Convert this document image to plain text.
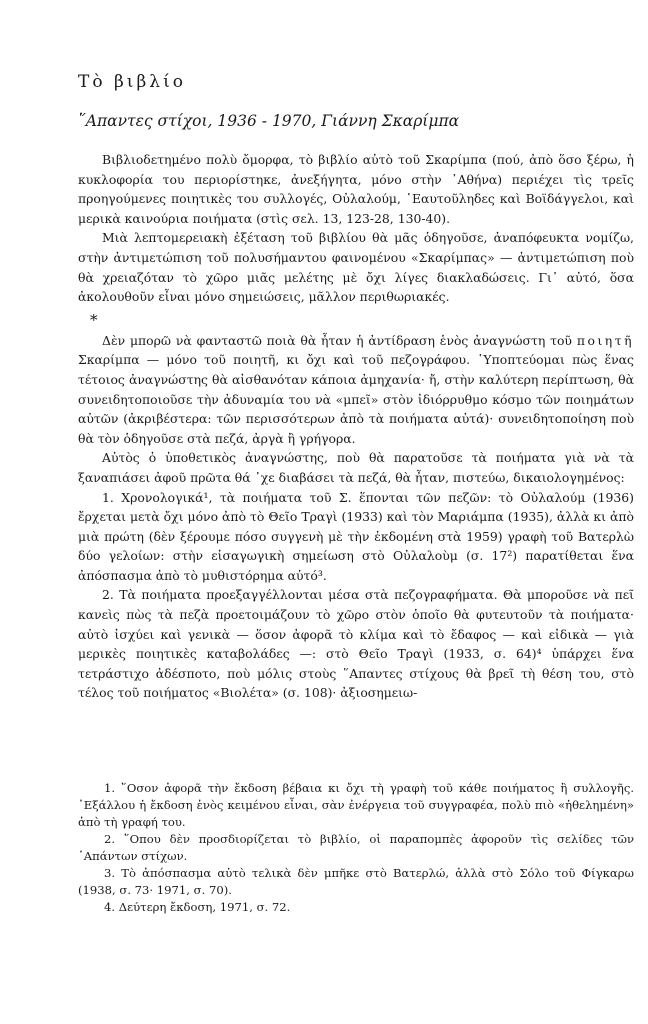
Τὸ βιβλίο
῞Απαντες στίχοι, 1936 - 1970, Γιάννη Σκαρίμπα

Βιβλιοδετημένο πολὺ ὄμορφα, τὸ βιβλίο αὐτὸ τοῦ Σκαρίμπα (πού, ἀπὸ ὅσο ξέρω, ἡ κυκλοφορία του περιορίστηκε, ἀνεξήγητα, μόνο στὴν ᾿Αθήνα) περιέχει τὶς τρεῖς προηγούμενες ποιητικὲς του συλλογές, Οὐλαλούμ, ῾Εαυτοῦληδες καὶ Βοϊδάγγελοι, καὶ μερικὰ καινούρια ποιήματα (στὶς σελ. 13, 123-28, 130-40).

Μιὰ λεπτομερειακὴ ἐξέταση τοῦ βιβλίου θὰ μᾶς ὁδηγοῦσε, ἀναπόφευκτα νομίζω, στὴν ἀντιμετώπιση τοῦ πολυσήμαντου φαινομένου «Σκαρίμπας» — ἀντιμετώπιση ποὺ θὰ χρειαζόταν τὸ χῶρο μιᾶς μελέτης μὲ ὄχι λίγες διακλαδώσεις. Γι᾿ αὐτό, ὅσα ἀκολουθοῦν εἶναι μόνο σημειώσεις, μᾶλλον περιθωριακές.

*

Δὲν μπορῶ νὰ φανταστῶ ποιὰ θὰ ἦταν ἡ ἀντίδραση ἑνὸς ἀναγνώστη τοῦ ποιητῆ Σκαρίμπα — μόνο τοῦ ποιητῆ, κι ὄχι καὶ τοῦ πεζογράφου. ῾Υποπτεύομαι πὼς ἕνας τέτοιος ἀναγνώστης θὰ αἰσθανόταν κάποια ἀμηχανία· ἤ, στὴν καλύτερη περίπτωση, θὰ συνειδητοποιοῦσε τὴν ἀδυναμία του νὰ «μπεῖ» στὸν ἰδιόρρυθμο κόσμο τῶν ποιημάτων αὐτῶν (ἀκριβέστερα: τῶν περισσότερων ἀπὸ τὰ ποιήματα αὐτά)· συνειδητοποίηση ποὺ θὰ τὸν ὁδηγοῦσε στὰ πεζά, ἀργὰ ἢ γρήγορα.

Αὐτὸς ὁ ὑποθετικὸς ἀναγνώστης, ποὺ θὰ παρατοῦσε τὰ ποιήματα γιὰ νὰ τὰ ξαναπιάσει ἀφοῦ πρῶτα θά ᾿χε διαβάσει τὰ πεζά, θὰ ἦταν, πιστεύω, δικαιολογημένος:

1. Χρονολογικά¹, τὰ ποιήματα τοῦ Σ. ἕπονται τῶν πεζῶν: τὸ Οὐλαλούμ (1936) ἔρχεται μετὰ ὄχι μόνο ἀπὸ τὸ Θεῖο Τραγὶ (1933) καὶ τὸν Μαριάμπα (1935), ἀλλὰ κι ἀπὸ μιὰ πρώτη (δὲν ξέρουμε πόσο συγγενὴ μὲ τὴν ἐκδομένη στὰ 1959) γραφὴ τοῦ Βατερλὼ δύο γελοίων: στὴν εἰσαγωγικὴ σημείωση στὸ Οὐλαλοὺμ (σ. 17²) παρατίθεται ἕνα ἀπόσπασμα ἀπὸ τὸ μυθιστόρημα αὐτό³.

2. Τὰ ποιήματα προεξαγγέλλονται μέσα στὰ πεζογραφήματα. Θὰ μποροῦσε νὰ πεῖ κανεὶς πὼς τὰ πεζὰ προετοιμάζουν τὸ χῶρο στὸν ὁποῖο θὰ φυτευτοῦν τὰ ποιήματα· αὐτὸ ἰσχύει καὶ γενικὰ — ὅσον ἀφορᾶ τὸ κλίμα καὶ τὸ ἔδαφος — καὶ εἰδικὰ — γιὰ μερικὲς ποιητικὲς καταβολάδες —: στὸ Θεῖο Τραγὶ (1933, σ. 64)⁴ ὑπάρχει ἕνα τετράστιχο ἀδέσποτο, ποὺ μόλις στοὺς ῞Απαντες στίχους θὰ βρεῖ τὴ θέση του, στὸ τέλος τοῦ ποιήματος «Βιολέτα» (σ. 108)· ἀξιοσημειω-

1. ῞Οσον ἀφορᾶ τὴν ἔκδοση βέβαια κι ὄχι τὴ γραφὴ τοῦ κάθε ποιήματος ἢ συλλογῆς. ᾿Εξάλλου ἡ ἔκδοση ἑνὸς κειμένου εἶναι, σὰν ἐνέργεια τοῦ συγγραφέα, πολὺ πιὸ «ἠθελημένη» ἀπὸ τὴ γραφή του.

2. ῞Οπου δὲν προσδιορίζεται τὸ βιβλίο, οἱ παραπομπὲς ἀφοροῦν τὶς σελίδες τῶν ᾿Απάντων στίχων.

3. Τὸ ἀπόσπασμα αὐτὸ τελικὰ δὲν μπῆκε στὸ Βατερλώ, ἀλλὰ στὸ Σόλο τοῦ Φίγκαρω (1938, σ. 73· 1971, σ. 70).

4. Δεύτερη ἔκδοση, 1971, σ. 72.
